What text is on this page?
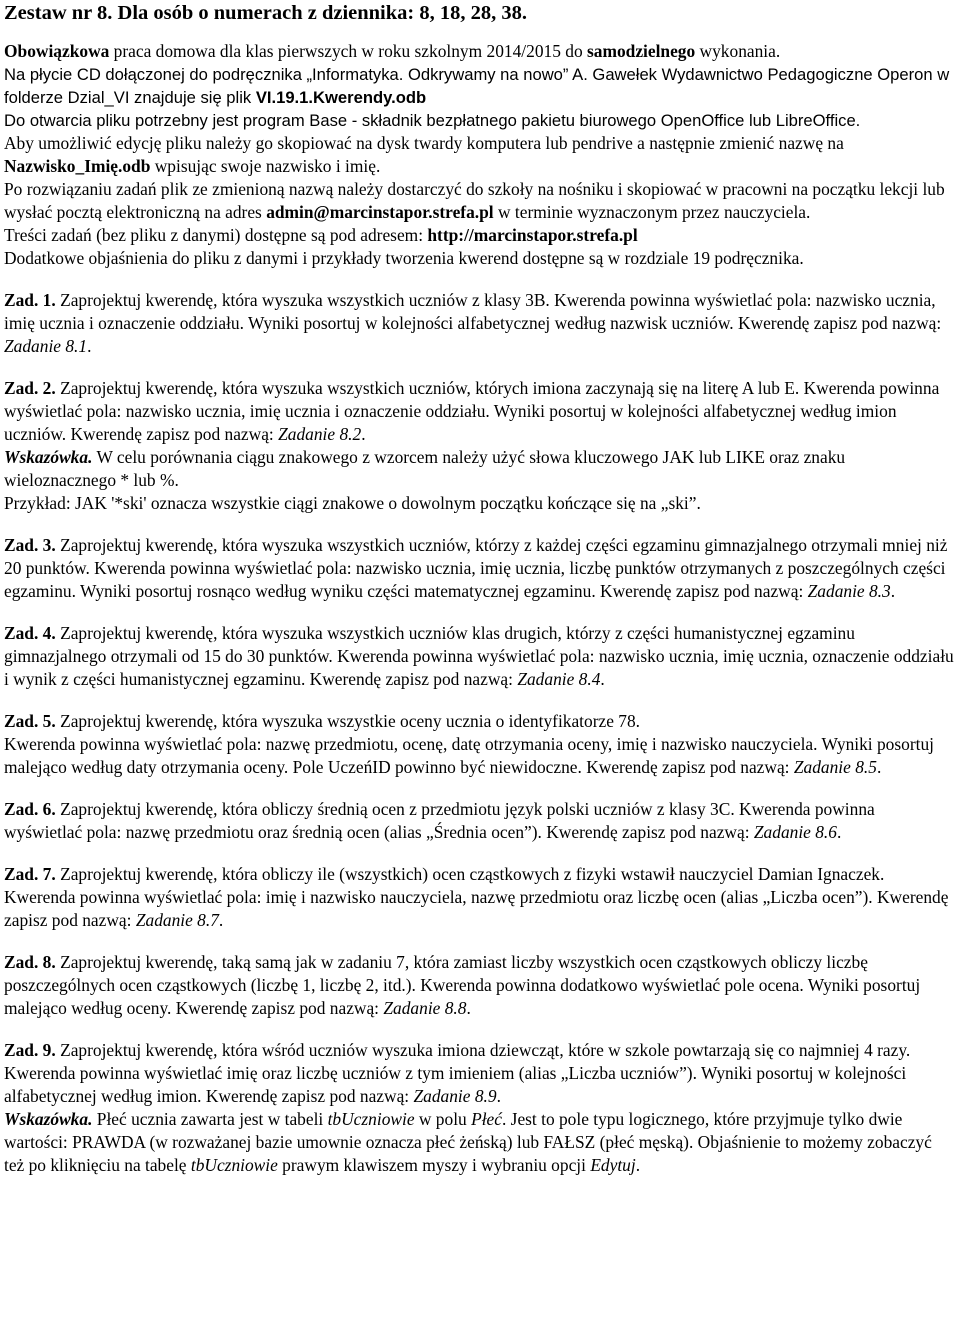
Zestaw nr 8. Dla osób o numerach z dziennika: 8, 18, 28, 38.

Obowiązkowa praca domowa dla klas pierwszych w roku szkolnym 2014/2015 do samodzielnego wykonania.

Na płycie CD dołączonej do podręcznika „Informatyka. Odkrywamy na nowo” A. Gawełek Wydawnictwo Pedagogiczne Operon w folderze Dzial_VI znajduje się plik VI.19.1.Kwerendy.odb

Do otwarcia pliku potrzebny jest program Base - składnik bezpłatnego pakietu biurowego OpenOffice lub LibreOffice.

Aby umożliwić edycję pliku należy go skopiować na dysk twardy komputera lub pendrive a następnie zmienić nazwę na Nazwisko_Imię.odb wpisując swoje nazwisko i imię.

Po rozwiązaniu zadań plik ze zmienioną nazwą należy dostarczyć do szkoły na nośniku i skopiować w pracowni na początku lekcji lub wysłać pocztą elektroniczną na adres admin@marcinstapor.strefa.pl w terminie wyznaczonym przez nauczyciela.

Treści zadań (bez pliku z danymi) dostępne są pod adresem: http://marcinstapor.strefa.pl

Dodatkowe objaśnienia do pliku z danymi i przykłady tworzenia kwerend dostępne są w rozdziale 19 podręcznika.

Zad. 1. Zaprojektuj kwerendę, która wyszuka wszystkich uczniów z klasy 3B. Kwerenda powinna wyświetlać pola: nazwisko ucznia, imię ucznia i oznaczenie oddziału. Wyniki posortuj w kolejności alfabetycznej według nazwisk uczniów. Kwerendę zapisz pod nazwą: Zadanie 8.1.

Zad. 2. Zaprojektuj kwerendę, która wyszuka wszystkich uczniów, których imiona zaczynają się na literę A lub E. Kwerenda powinna wyświetlać pola: nazwisko ucznia, imię ucznia i oznaczenie oddziału. Wyniki posortuj w kolejności alfabetycznej według imion uczniów. Kwerendę zapisz pod nazwą: Zadanie 8.2.

Wskazówka. W celu porównania ciągu znakowego z wzorcem należy użyć słowa kluczowego JAK lub LIKE oraz znaku wieloznacznego * lub %.

Przykład: JAK '*ski' oznacza wszystkie ciągi znakowe o dowolnym początku kończące się na „ski”.

Zad. 3. Zaprojektuj kwerendę, która wyszuka wszystkich uczniów, którzy z każdej części egzaminu gimnazjalnego otrzymali mniej niż 20 punktów. Kwerenda powinna wyświetlać pola: nazwisko ucznia, imię ucznia, liczbę punktów otrzymanych z poszczególnych części egzaminu. Wyniki posortuj rosnąco według wyniku części matematycznej egzaminu. Kwerendę zapisz pod nazwą: Zadanie 8.3.

Zad. 4. Zaprojektuj kwerendę, która wyszuka wszystkich uczniów klas drugich, którzy z części humanistycznej egzaminu gimnazjalnego otrzymali od 15 do 30 punktów. Kwerenda powinna wyświetlać pola: nazwisko ucznia, imię ucznia, oznaczenie oddziału i wynik z części humanistycznej egzaminu. Kwerendę zapisz pod nazwą: Zadanie 8.4.

Zad. 5. Zaprojektuj kwerendę, która wyszuka wszystkie oceny ucznia o identyfikatorze 78.

Kwerenda powinna wyświetlać pola: nazwę przedmiotu, ocenę, datę otrzymania oceny, imię i nazwisko nauczyciela. Wyniki posortuj malejąco według daty otrzymania oceny. Pole UczeńID powinno być niewidoczne. Kwerendę zapisz pod nazwą: Zadanie 8.5.

Zad. 6. Zaprojektuj kwerendę, która obliczy średnią ocen z przedmiotu język polski uczniów z klasy 3C. Kwerenda powinna wyświetlać pola: nazwę przedmiotu oraz średnią ocen (alias „Średnia ocen”). Kwerendę zapisz pod nazwą: Zadanie 8.6.

Zad. 7. Zaprojektuj kwerendę, która obliczy ile (wszystkich) ocen cząstkowych z fizyki wstawił nauczyciel Damian Ignaczek. Kwerenda powinna wyświetlać pola: imię i nazwisko nauczyciela, nazwę przedmiotu oraz liczbę ocen (alias „Liczba ocen”). Kwerendę zapisz pod nazwą: Zadanie 8.7.

Zad. 8. Zaprojektuj kwerendę, taką samą jak w zadaniu 7, która zamiast liczby wszystkich ocen cząstkowych obliczy liczbę poszczególnych ocen cząstkowych (liczbę 1, liczbę 2, itd.). Kwerenda powinna dodatkowo wyświetlać pole ocena. Wyniki posortuj malejąco według oceny. Kwerendę zapisz pod nazwą: Zadanie 8.8.

Zad. 9. Zaprojektuj kwerendę, która wśród uczniów wyszuka imiona dziewcząt, które w szkole powtarzają się co najmniej 4 razy. Kwerenda powinna wyświetlać imię oraz liczbę uczniów z tym imieniem (alias „Liczba uczniów”). Wyniki posortuj w kolejności alfabetycznej według imion. Kwerendę zapisz pod nazwą: Zadanie 8.9.

Wskazówka. Płeć ucznia zawarta jest w tabeli tbUczniowie w polu Płeć. Jest to pole typu logicznego, które przyjmuje tylko dwie wartości: PRAWDA (w rozważanej bazie umownie oznacza płeć żeńską) lub FAŁSZ (płeć męską). Objaśnienie to możemy zobaczyć też po kliknięciu na tabelę tbUczniowie prawym klawiszem myszy i wybraniu opcji Edytuj.
